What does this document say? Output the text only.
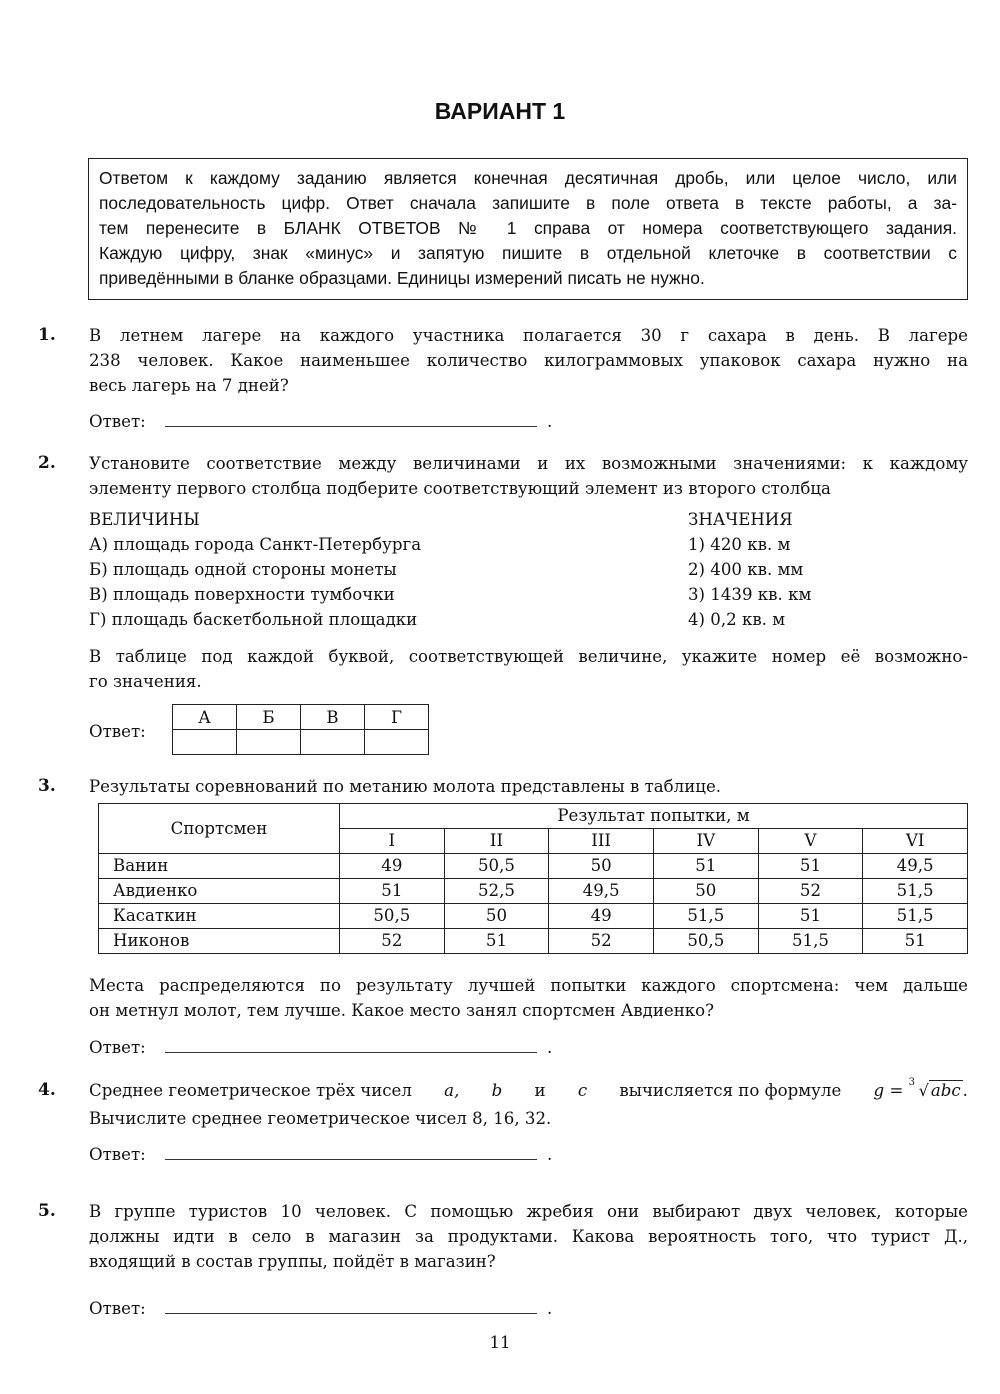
ВАРИАНТ 1
Ответом к каждому заданию является конечная десятичная дробь, или целое число, или
последовательность цифр. Ответ сначала запишите в поле ответа в тексте работы, а за-
тем перенесите в БЛАНК ОТВЕТОВ № 1 справа от номера соответствующего задания.
Каждую цифру, знак «минус» и запятую пишите в отдельной клеточке в соответствии с
приведёнными в бланке образцами. Единицы измерений писать не нужно.
1. В летнем лагере на каждого участника полагается 30 г сахара в день. В лагере
238 человек. Какое наименьшее количество килограммовых упаковок сахара нужно на
весь лагерь на 7 дней?
Ответ:	.
2. Установите соответствие между величинами и их возможными значениями: к каждому
элементу первого столбца подберите соответствующий элемент из второго столбца
ВЕЛИЧИНЫ
А) площадь города Санкт-Петербурга
Б) площадь одной стороны монеты
В) площадь поверхности тумбочки
Г) площадь баскетбольной площадки
ЗНАЧЕНИЯ
1) 420 кв. м
2) 400 кв. мм
3) 1439 кв. км
4) 0,2 кв. м
В таблице под каждой буквой, соответствующей величине, укажите номер её возможно-
го значения.
Ответ:
А	Б	В	Г

3. Результаты соревнований по метанию молота представлены в таблице.
Спортсмен	Результат попытки, м					
	I	II	III	IV	V	VI
Ванин	49	50,5	50	51	51	49,5
Авдиенко	51	52,5	49,5	50	52	51,5
Касаткин	50,5	50	49	51,5	51	51,5
Никонов	52	51	52	50,5	51,5	51
Места распределяются по результату лучшей попытки каждого спортсмена: чем дальше
он метнул молот, тем лучше. Какое место занял спортсмен Авдиенко?
Ответ:	.
4. Среднее геометрическое трёх чисел a, b и c вычисляется по формуле g = 3 √ abc .
Вычислите среднее геометрическое чисел 8, 16, 32.
Ответ:	.
5. В группе туристов 10 человек. С помощью жребия они выбирают двух человек, которые
должны идти в село в магазин за продуктами. Какова вероятность того, что турист Д.,
входящий в состав группы, пойдёт в магазин?
Ответ:	.
11
